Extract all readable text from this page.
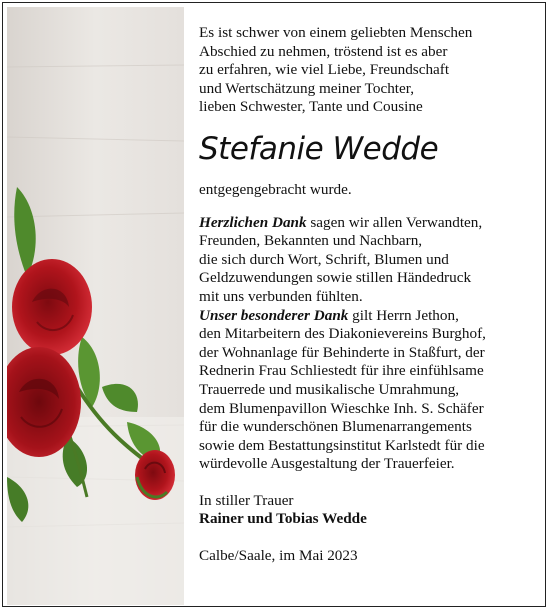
Es ist schwer von einem geliebten Menschen
Abschied zu nehmen, tröstend ist es aber
zu erfahren, wie viel Liebe, Freundschaft
und Wertschätzung meiner Tochter,
lieben Schwester, Tante und Cousine

Stefanie Wedde

entgegengebracht wurde.

Herzlichen Dank sagen wir allen Verwandten,
Freunden, Bekannten und Nachbarn,
die sich durch Wort, Schrift, Blumen und
Geldzuwendungen sowie stillen Händedruck
mit uns verbunden fühlten.

Unser besonderer Dank gilt Herrn Jethon,
den Mitarbeitern des Diakonievereins Burghof,
der Wohnanlage für Behinderte in Staßfurt, der
Rednerin Frau Schliestedt für ihre einfühlsame
Trauerrede und musikalische Umrahmung,
dem Blumenpavillon Wieschke Inh. S. Schäfer
für die wunderschönen Blumenarrangements
sowie dem Bestattungsinstitut Karlstedt für die
würdevolle Ausgestaltung der Trauerfeier.

In stiller Trauer
Rainer und Tobias Wedde

Calbe/Saale, im Mai 2023
